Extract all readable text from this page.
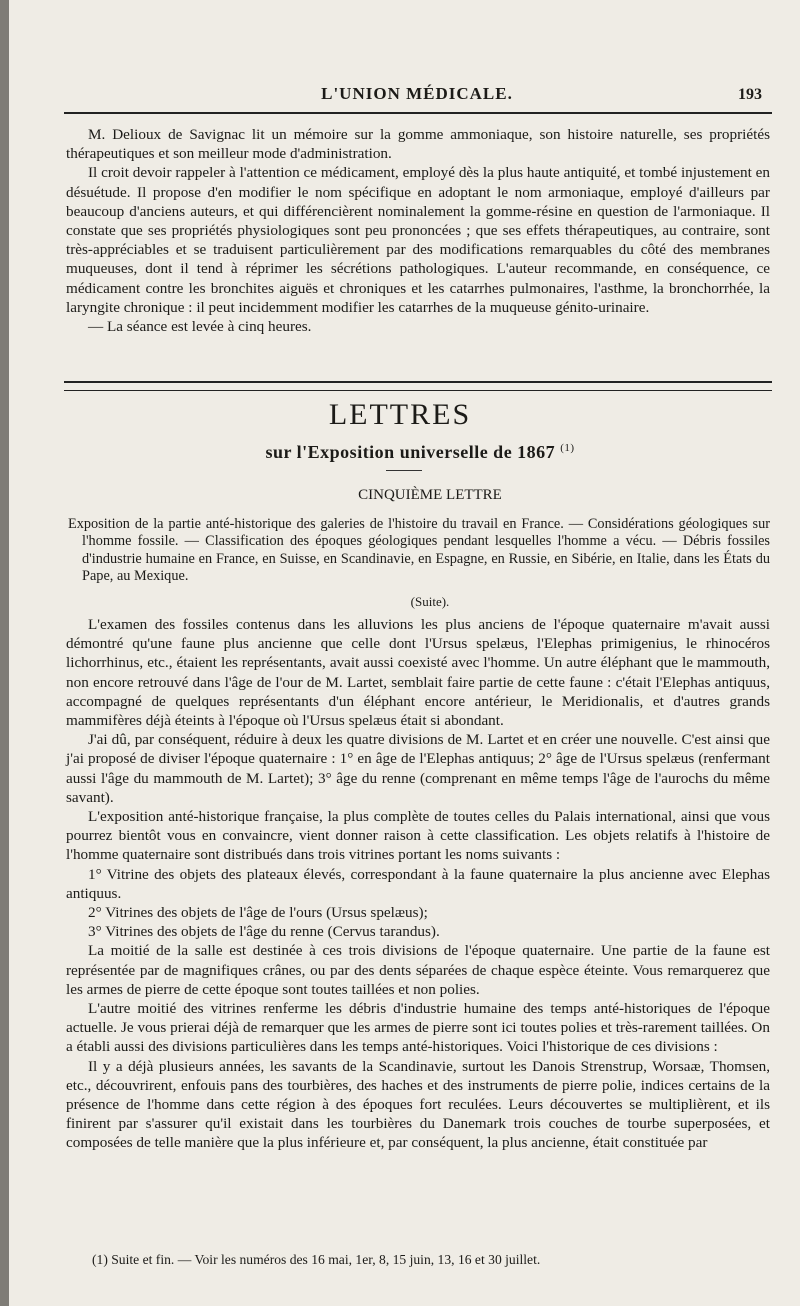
L'UNION MÉDICALE.	193

M. Delioux de Savignac lit un mémoire sur la gomme ammoniaque, son histoire naturelle, ses propriétés thérapeutiques et son meilleur mode d'administration.

Il croit devoir rappeler à l'attention ce médicament, employé dès la plus haute antiquité, et tombé injustement en désuétude. Il propose d'en modifier le nom spécifique en adoptant le nom armoniaque, employé d'ailleurs par beaucoup d'anciens auteurs, et qui différencièrent nominalement la gomme-résine en question de l'armoniaque. Il constate que ses propriétés physiologiques sont peu prononcées ; que ses effets thérapeutiques, au contraire, sont très-appréciables et se traduisent particulièrement par des modifications remarquables du côté des membranes muqueuses, dont il tend à réprimer les sécrétions pathologiques. L'auteur recommande, en conséquence, ce médicament contre les bronchites aiguës et chroniques et les catarrhes pulmonaires, l'asthme, la bronchorrhée, la laryngite chronique : il peut incidemment modifier les catarrhes de la muqueuse génito-urinaire.

— La séance est levée à cinq heures.

LETTRES
sur l'Exposition universelle de 1867 $^{(1)}$
CINQUIÈME LETTRE
Exposition de la partie anté-historique des galeries de l'histoire du travail en France. — Considérations géologiques sur l'homme fossile. — Classification des époques géologiques pendant lesquelles l'homme a vécu. — Débris fossiles d'industrie humaine en France, en Suisse, en Scandinavie, en Espagne, en Russie, en Sibérie, en Italie, dans les États du Pape, au Mexique.
(Suite).

L'examen des fossiles contenus dans les alluvions les plus anciens de l'époque quaternaire m'avait aussi démontré qu'une faune plus ancienne que celle dont l'Ursus spelæus, l'Elephas primigenius, le rhinocéros lichorrhinus, etc., étaient les représentants, avait aussi coexisté avec l'homme. Un autre éléphant que le mammouth, non encore retrouvé dans l'âge de l'our de M. Lartet, semblait faire partie de cette faune : c'était l'Elephas antiquus, accompagné de quelques représentants d'un éléphant encore antérieur, le Meridionalis, et d'autres grands mammifères déjà éteints à l'époque où l'Ursus spelæus était si abondant.

J'ai dû, par conséquent, réduire à deux les quatre divisions de M. Lartet et en créer une nouvelle. C'est ainsi que j'ai proposé de diviser l'époque quaternaire : 1° en âge de l'Elephas antiquus; 2° âge de l'Ursus spelæus (renfermant aussi l'âge du mammouth de M. Lartet); 3° âge du renne (comprenant en même temps l'âge de l'aurochs du même savant).

L'exposition anté-historique française, la plus complète de toutes celles du Palais international, ainsi que vous pourrez bientôt vous en convaincre, vient donner raison à cette classification. Les objets relatifs à l'histoire de l'homme quaternaire sont distribués dans trois vitrines portant les noms suivants :

1° Vitrine des objets des plateaux élevés, correspondant à la faune quaternaire la plus ancienne avec Elephas antiquus.

2° Vitrines des objets de l'âge de l'ours (Ursus spelæus);

3° Vitrines des objets de l'âge du renne (Cervus tarandus).

La moitié de la salle est destinée à ces trois divisions de l'époque quaternaire. Une partie de la faune est représentée par de magnifiques crânes, ou par des dents séparées de chaque espèce éteinte. Vous remarquerez que les armes de pierre de cette époque sont toutes taillées et non polies.

L'autre moitié des vitrines renferme les débris d'industrie humaine des temps anté-historiques de l'époque actuelle. Je vous prierai déjà de remarquer que les armes de pierre sont ici toutes polies et très-rarement taillées. On a établi aussi des divisions particulières dans les temps anté-historiques. Voici l'historique de ces divisions :

Il y a déjà plusieurs années, les savants de la Scandinavie, surtout les Danois Strenstrup, Worsaæ, Thomsen, etc., découvrirent, enfouis pans des tourbières, des haches et des instruments de pierre polie, indices certains de la présence de l'homme dans cette région à des époques fort reculées. Leurs découvertes se multiplièrent, et ils finirent par s'assurer qu'il existait dans les tourbières du Danemark trois couches de tourbe superposées, et composées de telle manière que la plus inférieure et, par conséquent, la plus ancienne, était constituée par

(1) Suite et fin. — Voir les numéros des 16 mai, 1er, 8, 15 juin, 13, 16 et 30 juillet.
